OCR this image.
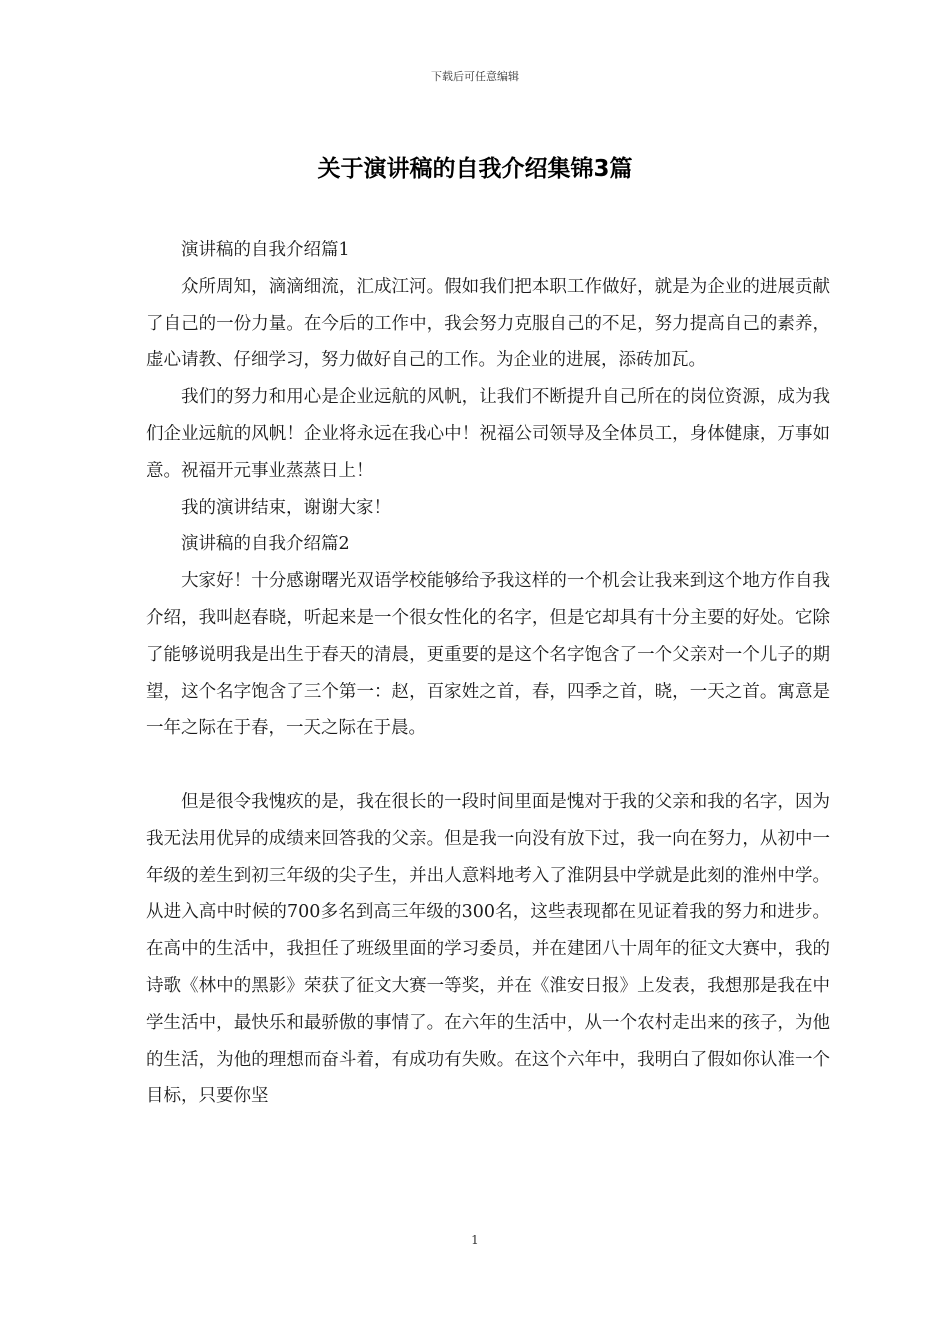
下载后可任意编辑
关于演讲稿的自我介绍集锦3篇

演讲稿的自我介绍篇1

众所周知，滴滴细流，汇成江河。假如我们把本职工作做好，就是为企业的进展贡献了自己的一份力量。在今后的工作中，我会努力克服自己的不足，努力提高自己的素养，虚心请教、仔细学习，努力做好自己的工作。为企业的进展，添砖加瓦。

我们的努力和用心是企业远航的风帆，让我们不断提升自己所在的岗位资源，成为我们企业远航的风帆！企业将永远在我心中！祝福公司领导及全体员工，身体健康，万事如意。祝福开元事业蒸蒸日上！

我的演讲结束，谢谢大家！

演讲稿的自我介绍篇2

大家好！十分感谢曙光双语学校能够给予我这样的一个机会让我来到这个地方作自我介绍，我叫赵春晓，听起来是一个很女性化的名字，但是它却具有十分主要的好处。它除了能够说明我是出生于春天的清晨，更重要的是这个名字饱含了一个父亲对一个儿子的期望，这个名字饱含了三个第一：赵，百家姓之首，春，四季之首，晓，一天之首。寓意是一年之际在于春，一天之际在于晨。

但是很令我愧疚的是，我在很长的一段时间里面是愧对于我的父亲和我的名字，因为我无法用优异的成绩来回答我的父亲。但是我一向没有放下过，我一向在努力，从初中一年级的差生到初三年级的尖子生，并出人意料地考入了淮阴县中学就是此刻的淮州中学。从进入高中时候的700多名到高三年级的300名，这些表现都在见证着我的努力和进步。在高中的生活中，我担任了班级里面的学习委员，并在建团八十周年的征文大赛中，我的诗歌《林中的黑影》荣获了征文大赛一等奖，并在《淮安日报》上发表，我想那是我在中学生活中，最快乐和最骄傲的事情了。在六年的生活中，从一个农村走出来的孩子，为他的生活，为他的理想而奋斗着，有成功有失败。在这个六年中，我明白了假如你认准一个目标，只要你坚

1
